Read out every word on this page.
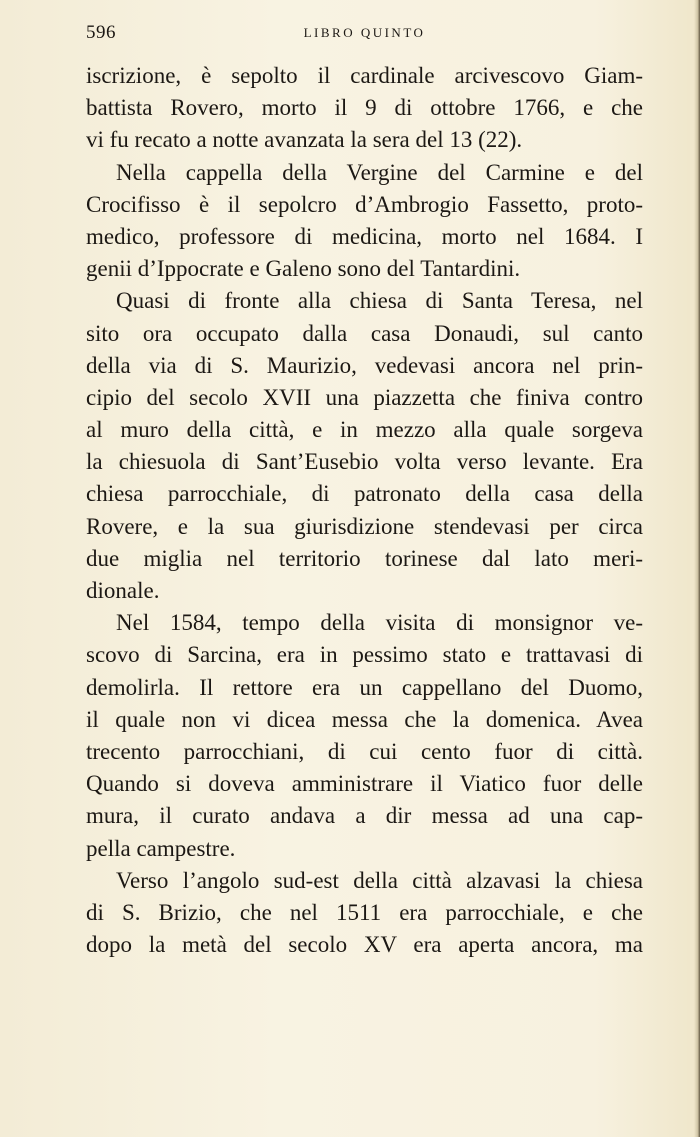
596	LIBRO QUINTO
iscrizione, è sepolto il cardinale arcivescovo Giam-
battista Rovero, morto il 9 di ottobre 1766, e che
vi fu recato a notte avanzata la sera del 13 (22).
Nella cappella della Vergine del Carmine e del
Crocifisso è il sepolcro d’Ambrogio Fassetto, proto-
medico, professore di medicina, morto nel 1684. I
genii d’Ippocrate e Galeno sono del Tantardini.
Quasi di fronte alla chiesa di Santa Teresa, nel
sito ora occupato dalla casa Donaudi, sul canto
della via di S. Maurizio, vedevasi ancora nel prin-
cipio del secolo XVII una piazzetta che finiva contro
al muro della città, e in mezzo alla quale sorgeva
la chiesuola di Sant’Eusebio volta verso levante. Era
chiesa parrocchiale, di patronato della casa della
Rovere, e la sua giurisdizione stendevasi per circa
due miglia nel territorio torinese dal lato meri-
dionale.
Nel 1584, tempo della visita di monsignor ve-
scovo di Sarcina, era in pessimo stato e trattavasi di
demolirla. Il rettore era un cappellano del Duomo,
il quale non vi dicea messa che la domenica. Avea
trecento parrocchiani, di cui cento fuor di città.
Quando si doveva amministrare il Viatico fuor delle
mura, il curato andava a dir messa ad una cap-
pella campestre.
Verso l’angolo sud-est della città alzavasi la chiesa
di S. Brizio, che nel 1511 era parrocchiale, e che
dopo la metà del secolo XV era aperta ancora, ma
